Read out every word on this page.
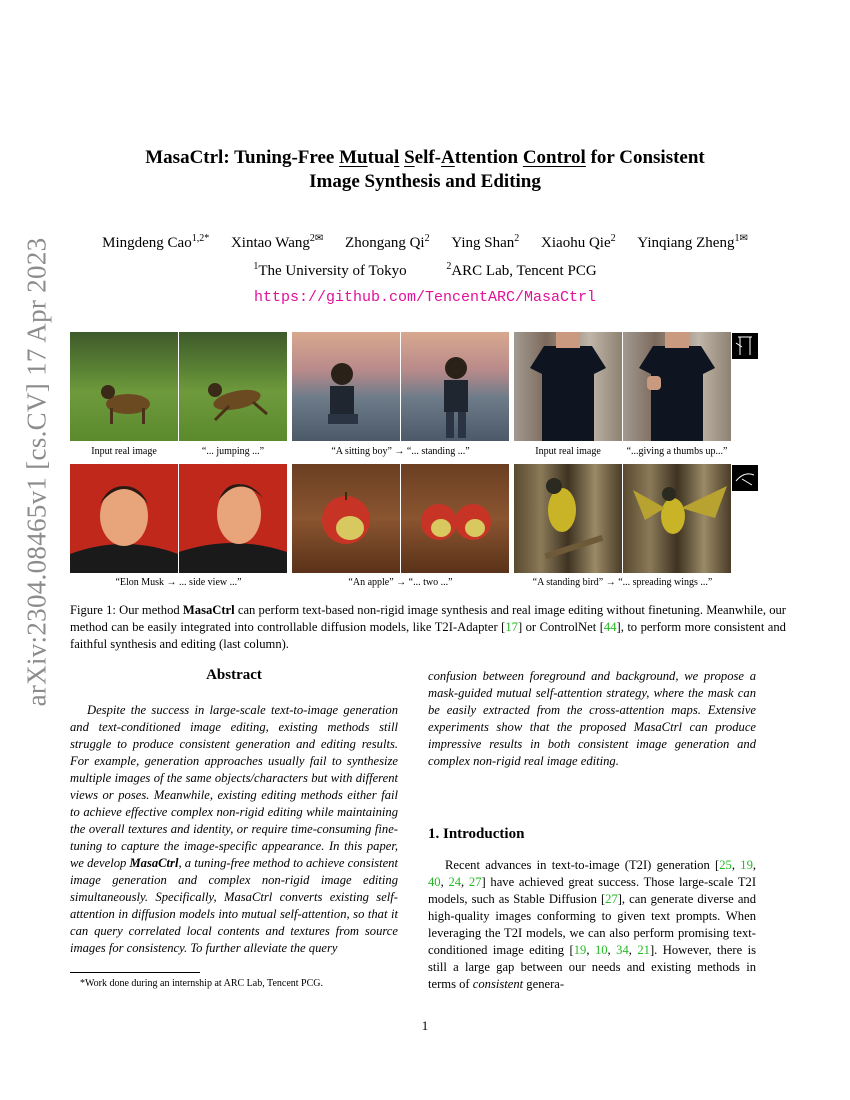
arXiv:2304.08465v1 [cs.CV] 17 Apr 2023
MasaCtrl: Tuning-Free Mutual Self-Attention Control for Consistent
Image Synthesis and Editing
Mingdeng Cao$^{1,2*}$ Xintao Wang$^{2✉}$ Zhongang Qi$^2$ Ying Shan$^2$ Xiaohu Qie$^2$ Yinqiang Zheng$^{1✉}$
$^1$The University of Tokyo	$^2$ARC Lab, Tencent PCG
https://github.com/TencentARC/MasaCtrl
Input real image	“... jumping ...”	“A sitting boy” → “... standing ...”	Input real image	“...giving a thumbs up...”
“Elon Musk → ... side view ...”	“An apple” → “... two ...”	“A standing bird” → “... spreading wings ...”
Figure 1: Our method MasaCtrl can perform text-based non-rigid image synthesis and real image editing without finetuning. Meanwhile, our method can be easily integrated into controllable diffusion models, like T2I-Adapter [17] or ControlNet [44], to perform more consistent and faithful synthesis and editing (last column).
Abstract
Despite the success in large-scale text-to-image generation and text-conditioned image editing, existing methods still struggle to produce consistent generation and editing results. For example, generation approaches usually fail to synthesize multiple images of the same objects/characters but with different views or poses. Meanwhile, existing editing methods either fail to achieve effective complex non-rigid editing while maintaining the overall textures and identity, or require time-consuming fine-tuning to capture the image-specific appearance. In this paper, we develop MasaCtrl, a tuning-free method to achieve consistent image generation and complex non-rigid image editing simultaneously. Specifically, MasaCtrl converts existing self-attention in diffusion models into mutual self-attention, so that it can query correlated local contents and textures from source images for consistency. To further alleviate the query
*Work done during an internship at ARC Lab, Tencent PCG.
confusion between foreground and background, we propose a mask-guided mutual self-attention strategy, where the mask can be easily extracted from the cross-attention maps. Extensive experiments show that the proposed MasaCtrl can produce impressive results in both consistent image generation and complex non-rigid real image editing.
1. Introduction
Recent advances in text-to-image (T2I) generation [25, 19, 40, 24, 27] have achieved great success. Those large-scale T2I models, such as Stable Diffusion [27], can generate diverse and high-quality images conforming to given text prompts. When leveraging the T2I models, we can also perform promising text-conditioned image editing [19, 10, 34, 21]. However, there is still a large gap between our needs and existing methods in terms of consistent genera-
1
